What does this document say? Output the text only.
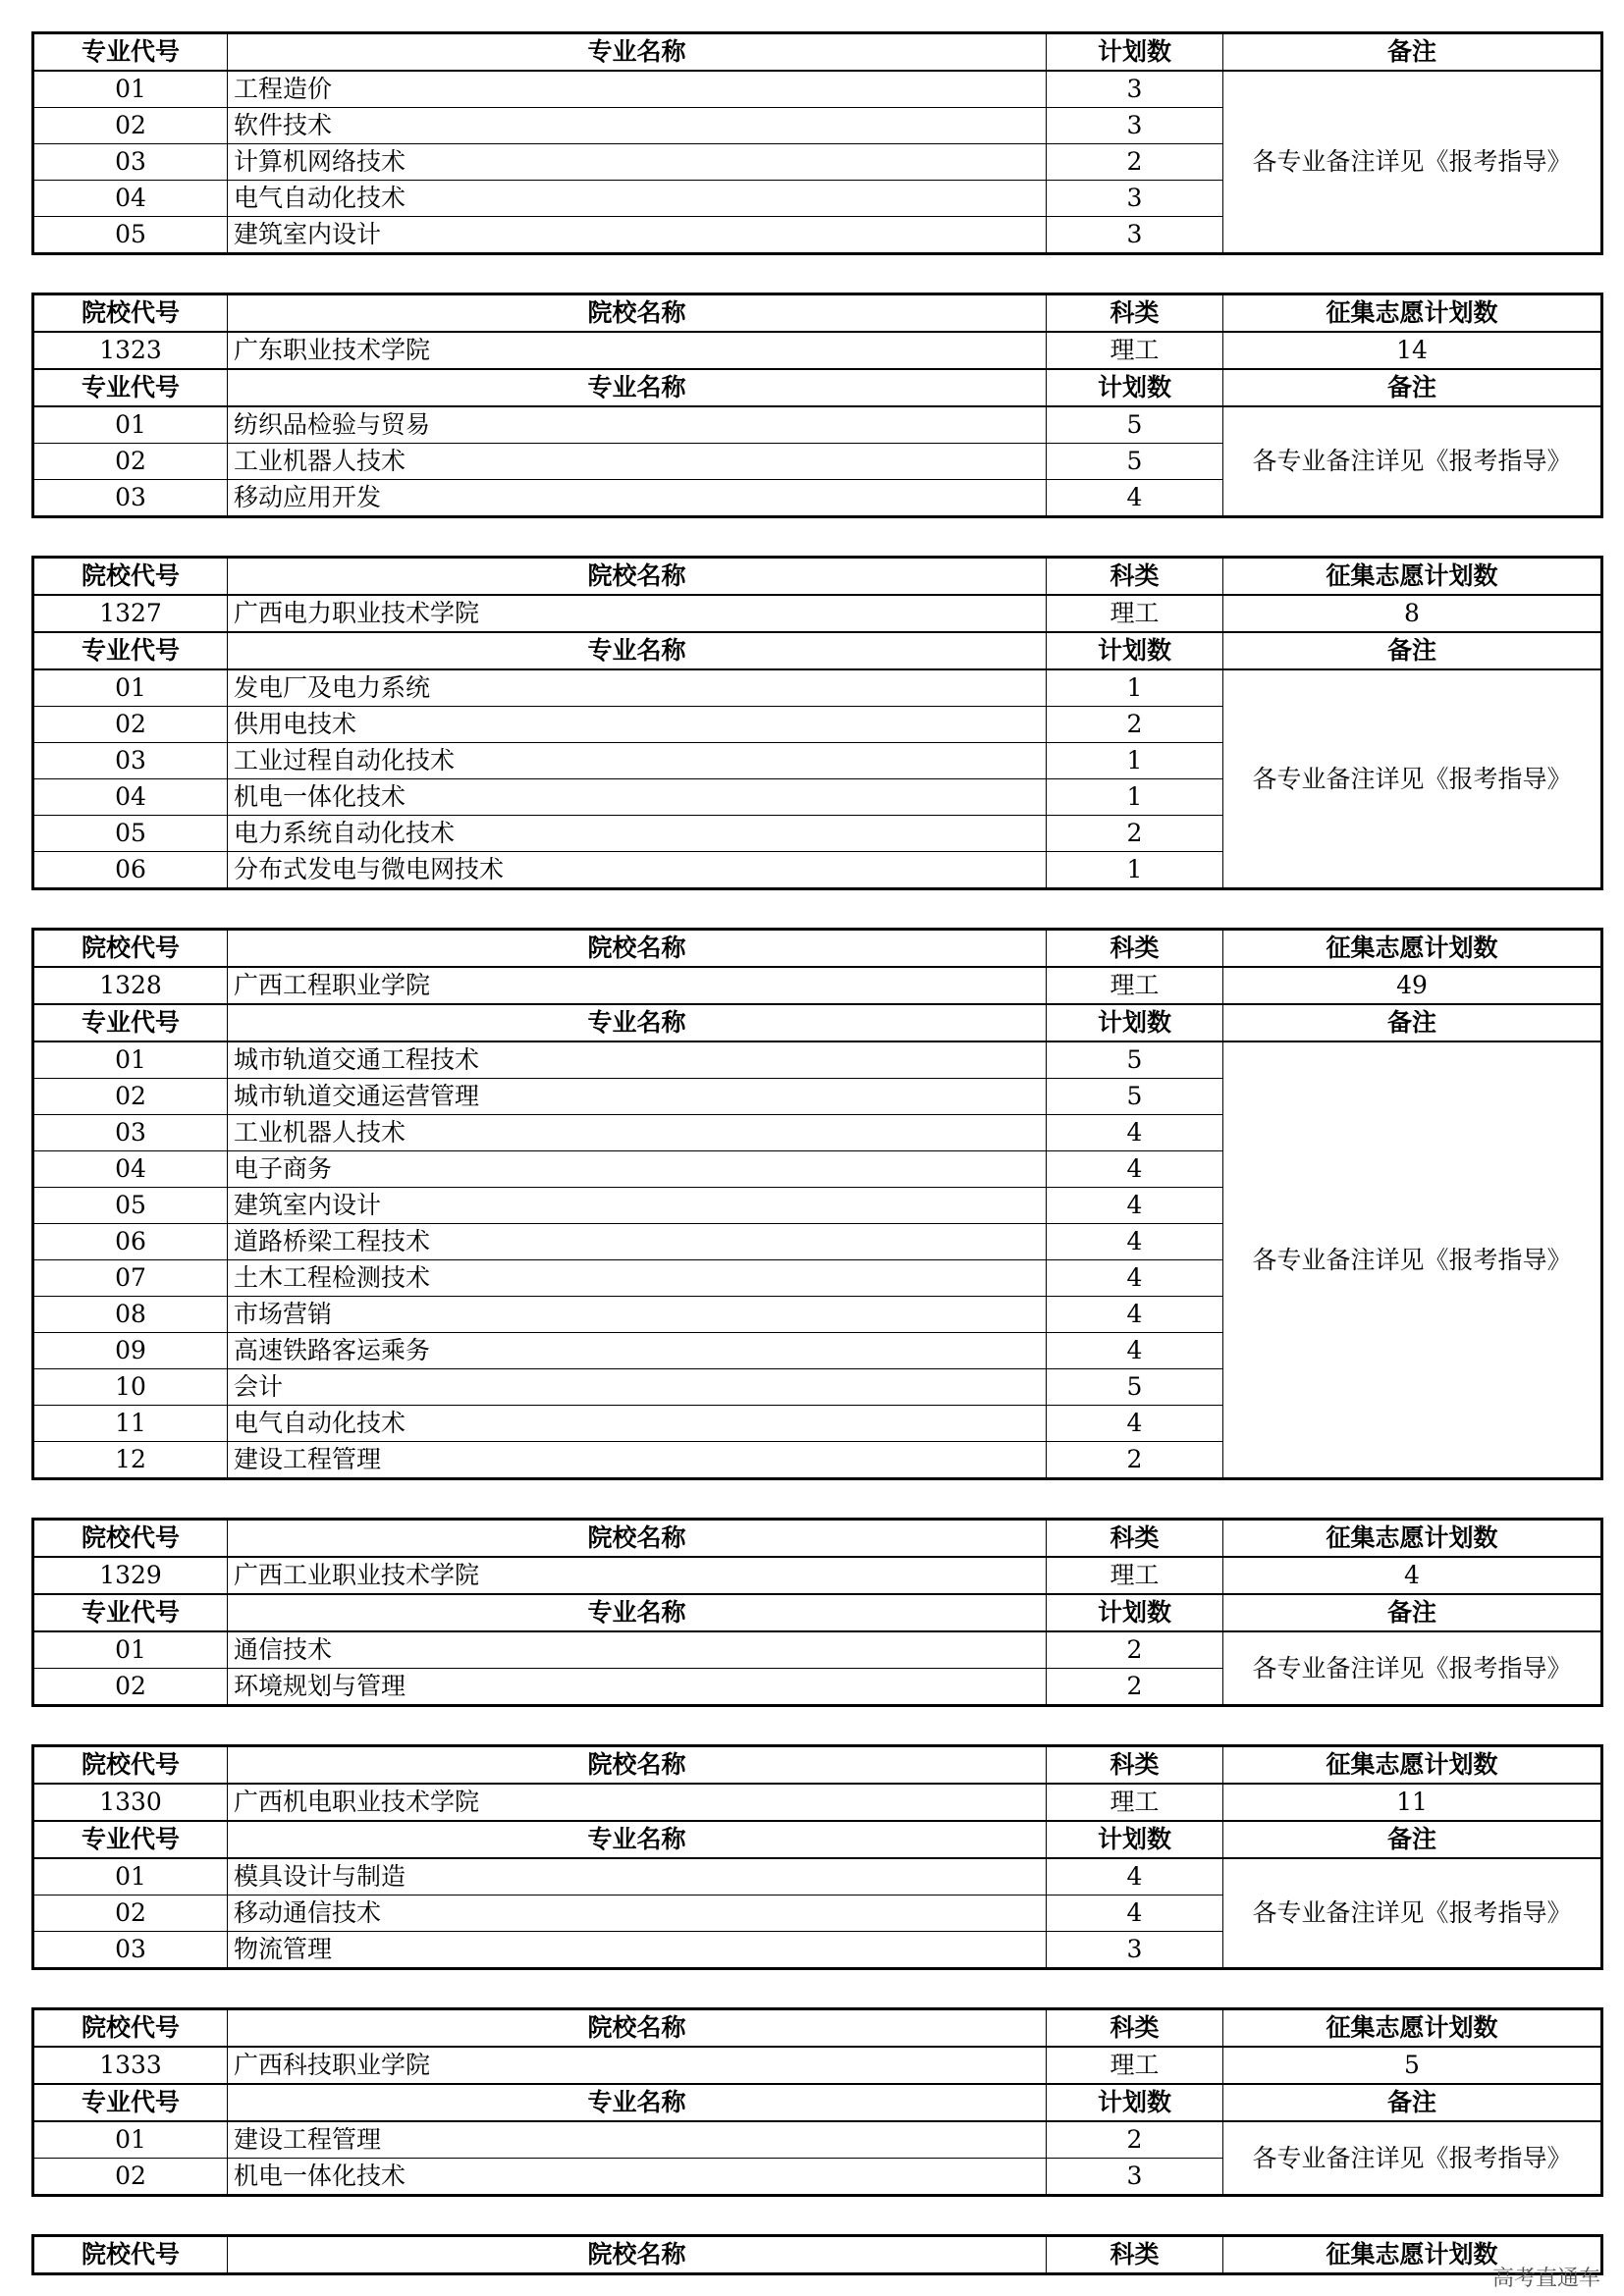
专业代号	专业名称	计划数	备注
01	工程造价	3	各专业备注详见《报考指导》
02	软件技术	3	
03	计算机网络技术	2	
04	电气自动化技术	3	
05	建筑室内设计	3	
院校代号	院校名称	科类	征集志愿计划数
1323	广东职业技术学院	理工	14
专业代号	专业名称	计划数	备注
01	纺织品检验与贸易	5	各专业备注详见《报考指导》
02	工业机器人技术	5	
03	移动应用开发	4	
院校代号	院校名称	科类	征集志愿计划数
1327	广西电力职业技术学院	理工	8
专业代号	专业名称	计划数	备注
01	发电厂及电力系统	1	各专业备注详见《报考指导》
02	供用电技术	2	
03	工业过程自动化技术	1	
04	机电一体化技术	1	
05	电力系统自动化技术	2	
06	分布式发电与微电网技术	1	
院校代号	院校名称	科类	征集志愿计划数
1328	广西工程职业学院	理工	49
专业代号	专业名称	计划数	备注
01	城市轨道交通工程技术	5	各专业备注详见《报考指导》
02	城市轨道交通运营管理	5	
03	工业机器人技术	4	
04	电子商务	4	
05	建筑室内设计	4	
06	道路桥梁工程技术	4	
07	土木工程检测技术	4	
08	市场营销	4	
09	高速铁路客运乘务	4	
10	会计	5	
11	电气自动化技术	4	
12	建设工程管理	2	
院校代号	院校名称	科类	征集志愿计划数
1329	广西工业职业技术学院	理工	4
专业代号	专业名称	计划数	备注
01	通信技术	2	各专业备注详见《报考指导》
02	环境规划与管理	2	
院校代号	院校名称	科类	征集志愿计划数
1330	广西机电职业技术学院	理工	11
专业代号	专业名称	计划数	备注
01	模具设计与制造	4	各专业备注详见《报考指导》
02	移动通信技术	4	
03	物流管理	3	
院校代号	院校名称	科类	征集志愿计划数
1333	广西科技职业学院	理工	5
专业代号	专业名称	计划数	备注
01	建设工程管理	2	各专业备注详见《报考指导》
02	机电一体化技术	3	
院校代号	院校名称	科类	征集志愿计划数
高考直通车
